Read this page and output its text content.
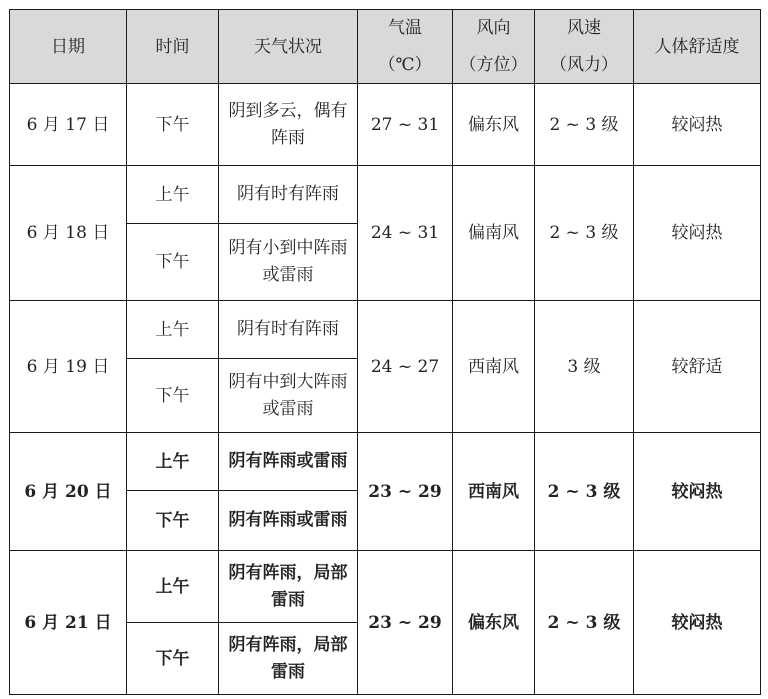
日期	时间	天气状况	气温	风向	风速	人体舒适度
			（℃）	（方位）	（风力）	
6 月 17 日	下午	阴到多云，偶有阵雨	27 ~ 31	偏东风	2 ~ 3 级	较闷热
6 月 18 日	上午	阴有时有阵雨	24 ~ 31	偏南风	2 ~ 3 级	较闷热
	下午	阴有小到中阵雨或雷雨				
6 月 19 日	上午	阴有时有阵雨	24 ~ 27	西南风	3 级	较舒适
	下午	阴有中到大阵雨或雷雨				
6 月 20 日	上午	阴有阵雨或雷雨	23 ~ 29	西南风	2 ~ 3 级	较闷热
	下午	阴有阵雨或雷雨				
6 月 21 日	上午	阴有阵雨，局部雷雨	23 ~ 29	偏东风	2 ~ 3 级	较闷热
	下午	阴有阵雨，局部雷雨				
